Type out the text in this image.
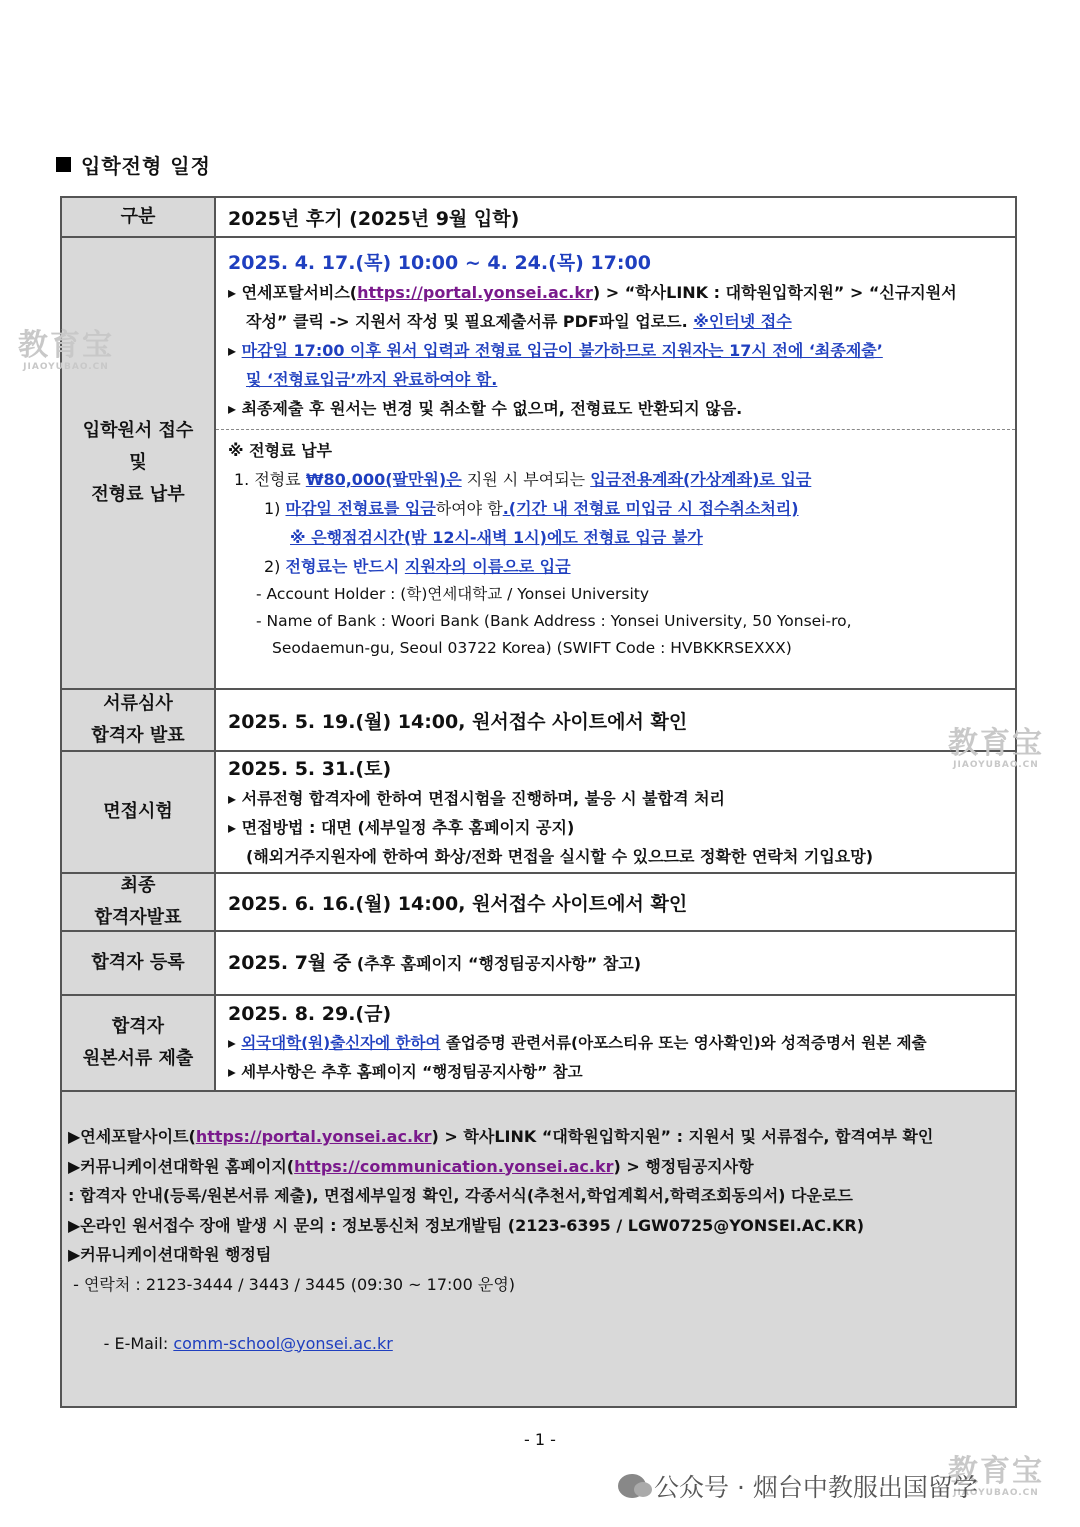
입학전형 일정
구분	2025년 후기 (2025년 9월 입학)
입학원서 접수
및
전형료 납부
2025. 4. 17.(목) 10:00 ~ 4. 24.(목) 17:00
▸ 연세포탈서비스(https://portal.yonsei.ac.kr) > “학사LINK : 대학원입학지원” > “신규지원서
작성” 클릭 -> 지원서 작성 및 필요제출서류 PDF파일 업로드. ※인터넷 접수
▸ 마감일 17:00 이후 원서 입력과 전형료 입금이 불가하므로 지원자는 17시 전에 ‘최종제출’
및 ‘전형료입금’까지 완료하여야 함.
▸ 최종제출 후 원서는 변경 및 취소할 수 없으며, 전형료도 반환되지 않음.
※ 전형료 납부
1. 전형료 ₩80,000(팔만원)은 지원 시 부여되는 입금전용계좌(가상계좌)로 입금
1) 마감일 전형료를 입금하여야 함.(기간 내 전형료 미입금 시 접수취소처리)
※ 은행점검시간(밤 12시-새벽 1시)에도 전형료 입금 불가
2) 전형료는 반드시 지원자의 이름으로 입금
- Account Holder : (학)연세대학교 / Yonsei University
- Name of Bank : Woori Bank (Bank Address : Yonsei University, 50 Yonsei-ro,
Seodaemun-gu, Seoul 03722 Korea) (SWIFT Code : HVBKKRSEXXX)
서류심사
합격자 발표
2025. 5. 19.(월) 14:00, 원서접수 사이트에서 확인
면접시험
2025. 5. 31.(토)
▸ 서류전형 합격자에 한하여 면접시험을 진행하며, 불응 시 불합격 처리
▸ 면접방법 : 대면 (세부일정 추후 홈페이지 공지)
(해외거주지원자에 한하여 화상/전화 면접을 실시할 수 있으므로 정확한 연락처 기입요망)
최종
합격자발표
2025. 6. 16.(월) 14:00, 원서접수 사이트에서 확인
합격자 등록	2025. 7월 중 (추후 홈페이지 “행정팀공지사항” 참고)
합격자
원본서류 제출
2025. 8. 29.(금)
▸ 외국대학(원)출신자에 한하여 졸업증명 관련서류(아포스티유 또는 영사확인)와 성적증명서 원본 제출
▸ 세부사항은 추후 홈페이지 “행정팀공지사항” 참고
▶연세포탈사이트(https://portal.yonsei.ac.kr) > 학사LINK “대학원입학지원” : 지원서 및 서류접수, 합격여부 확인
▶커뮤니케이션대학원 홈페이지(https://communication.yonsei.ac.kr) > 행정팀공지사항
: 합격자 안내(등록/원본서류 제출), 면접세부일정 확인, 각종서식(추천서,학업계획서,학력조회동의서) 다운로드
▶온라인 원서접수 장애 발생 시 문의 : 정보통신처 정보개발팀 (2123-6395 / LGW0725@YONSEI.AC.KR)
▶커뮤니케이션대학원 행정팀
- 연락처 : 2123-3444 / 3443 / 3445 (09:30 ~ 17:00 운영)

- E-Mail: comm-school@yonsei.ac.kr

- 1 -
教育宝
JIAOYUBAO.CN
教育宝
JIAOYUBAO.CN
教育宝
JIAOYUBAO.CN
公众号 · 烟台中教服出国留学
